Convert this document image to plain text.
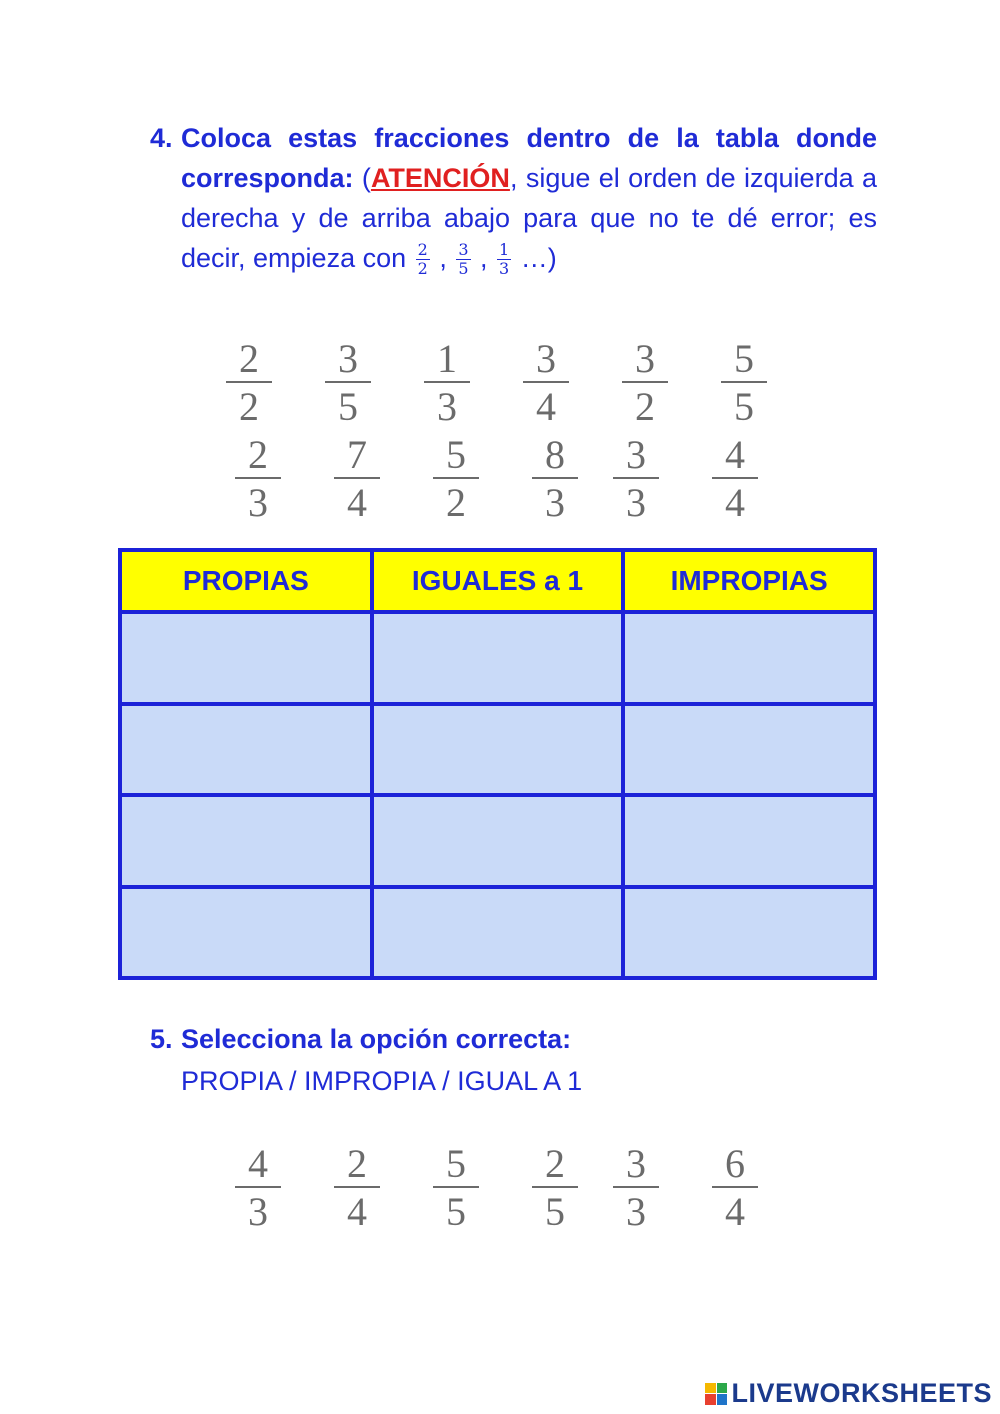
4. Coloca estas fracciones dentro de la tabla donde corresponda: (ATENCIÓN, sigue el orden de izquierda a derecha y de arriba abajo para que no te dé error; es decir, empieza con $\frac{2}{2}$ , $\frac{3}{5}$ , $\frac{1}{3}$ …)
$\frac{2}{2} \frac{3}{5} \frac{1}{3} \frac{3}{4} \frac{3}{2} \frac{5}{5}$
$\frac{2}{3} \frac{7}{4} \frac{5}{2} \frac{8}{3} \frac{3}{3} \frac{4}{4}$
PROPIAS	IGUALES a 1	IMPROPIAS

5. Selecciona la opción correcta:
PROPIA / IMPROPIA / IGUAL A 1
$\frac{4}{3} \frac{2}{4} \frac{5}{5} \frac{2}{5} \frac{3}{3} \frac{6}{4}$
LIVEWORKSHEETS
